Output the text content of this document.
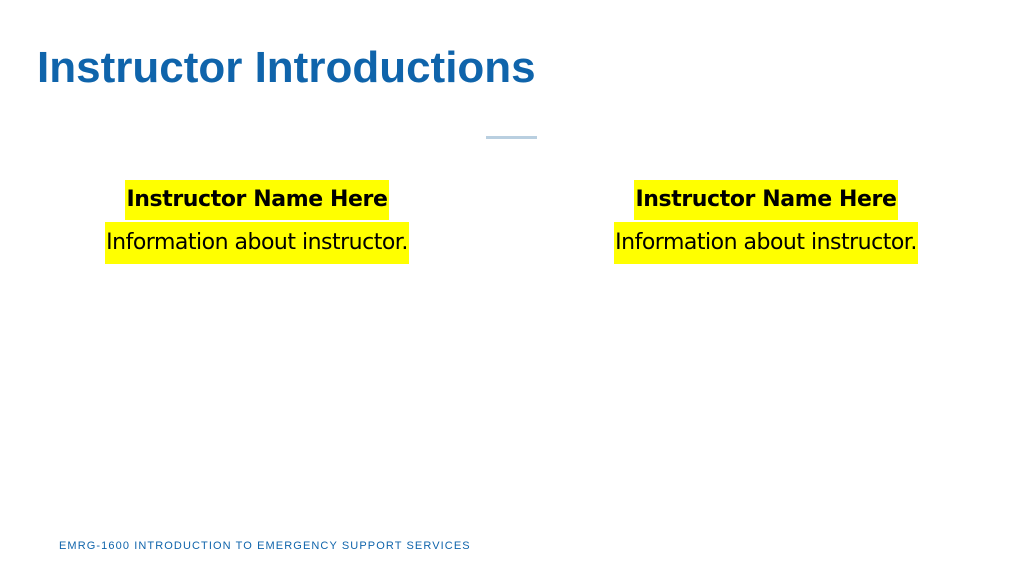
Instructor Introductions
Instructor Name Here
Information about instructor.
Instructor Name Here
Information about instructor.
EMRG-1600 INTRODUCTION TO EMERGENCY SUPPORT SERVICES
